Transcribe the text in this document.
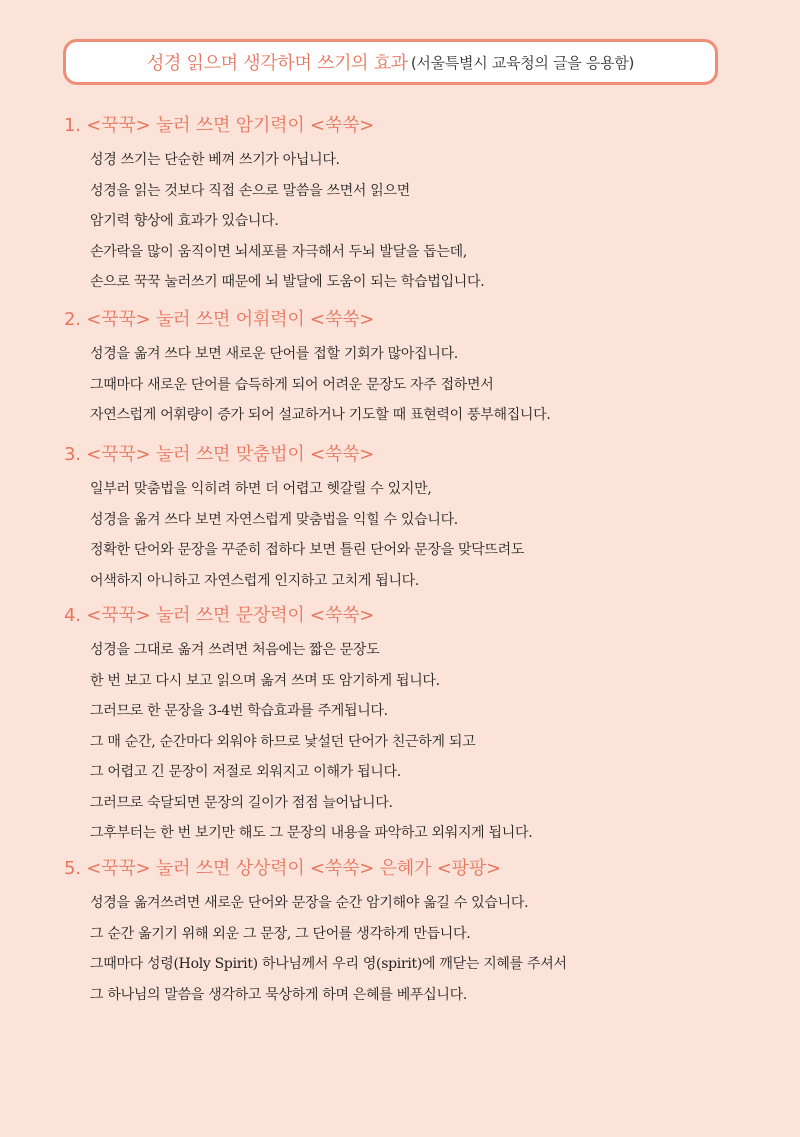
성경 읽으며 생각하며 쓰기의 효과 (서울특별시 교육청의 글을 응용함)
1. <꾹꾹> 눌러 쓰면 암기력이 <쑥쑥>
성경 쓰기는 단순한 베껴 쓰기가 아닙니다.
성경을 읽는 것보다 직접 손으로 말씀을 쓰면서 읽으면
암기력 향상에 효과가 있습니다.
손가락을 많이 움직이면 뇌세포를 자극해서 두뇌 발달을 돕는데,
손으로 꾹꾹 눌러쓰기 때문에 뇌 발달에 도움이 되는 학습법입니다.
2. <꾹꾹> 눌러 쓰면 어휘력이 <쑥쑥>
성경을 옮겨 쓰다 보면 새로운 단어를 접할 기회가 많아집니다.
그때마다 새로운 단어를 습득하게 되어 어려운 문장도 자주 접하면서
자연스럽게 어휘량이 증가 되어 설교하거나 기도할 때 표현력이 풍부해집니다.
3. <꾹꾹> 눌러 쓰면 맞춤법이 <쑥쑥>
일부러 맞춤법을 익히려 하면 더 어렵고 헷갈릴 수 있지만,
성경을 옮겨 쓰다 보면 자연스럽게 맞춤법을 익힐 수 있습니다.
정확한 단어와 문장을 꾸준히 접하다 보면 틀린 단어와 문장을 맞닥뜨려도
어색하지 아니하고 자연스럽게 인지하고 고치게 됩니다.
4. <꾹꾹> 눌러 쓰면 문장력이 <쑥쑥>
성경을 그대로 옮겨 쓰려면 처음에는 짧은 문장도
한 번 보고 다시 보고 읽으며 옮겨 쓰며 또 암기하게 됩니다.
그러므로 한 문장을 3-4번 학습효과를 주게됩니다.
그 매 순간, 순간마다 외워야 하므로 낯설던 단어가 친근하게 되고
그 어렵고 긴 문장이 저절로 외워지고 이해가 됩니다.
그러므로 숙달되면 문장의 길이가 점점 늘어납니다.
그후부터는 한 번 보기만 해도 그 문장의 내용을 파악하고 외워지게 됩니다.
5. <꾹꾹> 눌러 쓰면 상상력이 <쑥쑥> 은혜가 <팡팡>
성경을 옮겨쓰려면 새로운 단어와 문장을 순간 암기해야 옮길 수 있습니다.
그 순간 옮기기 위해 외운 그 문장, 그 단어를 생각하게 만듭니다.
그때마다 성령(Holy Spirit) 하나님께서 우리 영(spirit)에 깨닫는 지혜를 주셔서
그 하나님의 말씀을 생각하고 묵상하게 하며 은혜를 베푸십니다.
